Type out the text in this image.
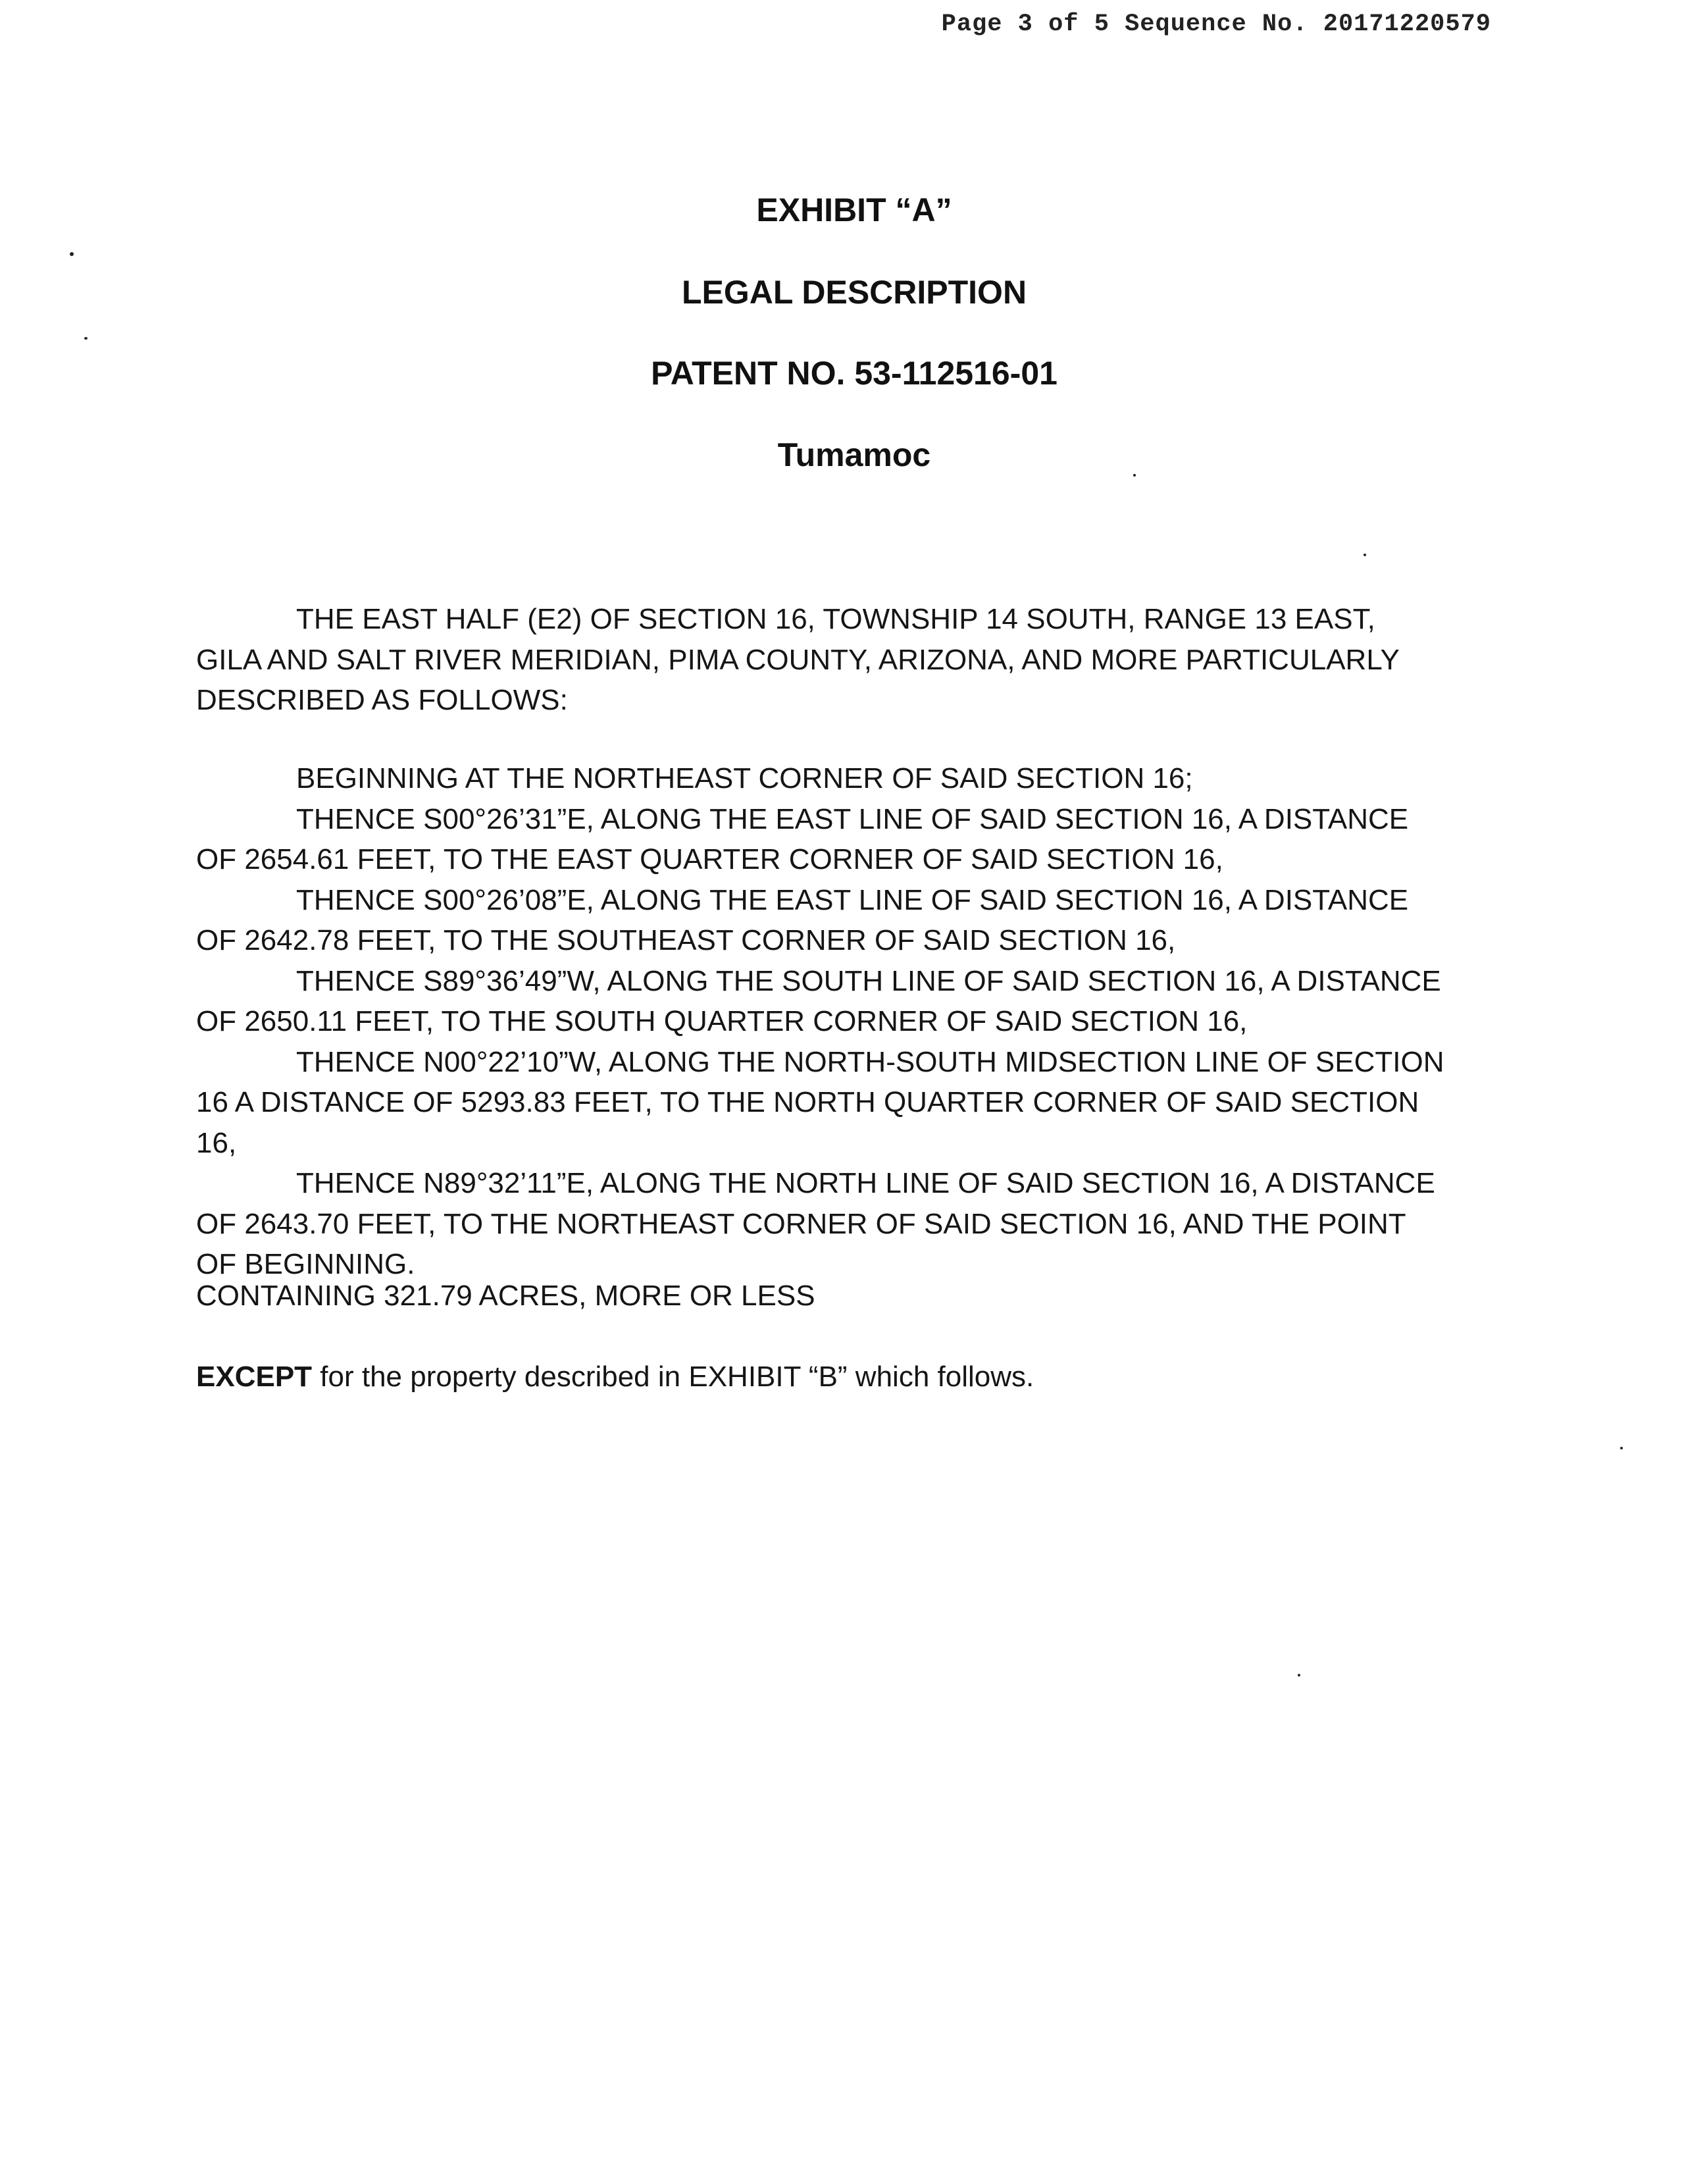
Page 3 of 5 Sequence No. 20171220579
EXHIBIT “A”
LEGAL DESCRIPTION
PATENT NO. 53-112516-01
Tumamoc

THE EAST HALF (E2) OF SECTION 16, TOWNSHIP 14 SOUTH, RANGE 13 EAST, GILA AND SALT RIVER MERIDIAN, PIMA COUNTY, ARIZONA, AND MORE PARTICULARLY DESCRIBED AS FOLLOWS:

BEGINNING AT THE NORTHEAST CORNER OF SAID SECTION 16;

THENCE S00°26’31”E, ALONG THE EAST LINE OF SAID SECTION 16, A DISTANCE OF 2654.61 FEET, TO THE EAST QUARTER CORNER OF SAID SECTION 16,

THENCE S00°26’08”E, ALONG THE EAST LINE OF SAID SECTION 16, A DISTANCE OF 2642.78 FEET, TO THE SOUTHEAST CORNER OF SAID SECTION 16,

THENCE S89°36’49”W, ALONG THE SOUTH LINE OF SAID SECTION 16, A DISTANCE OF 2650.11 FEET, TO THE SOUTH QUARTER CORNER OF SAID SECTION 16,

THENCE N00°22’10”W, ALONG THE NORTH-SOUTH MIDSECTION LINE OF SECTION 16 A DISTANCE OF 5293.83 FEET, TO THE NORTH QUARTER CORNER OF SAID SECTION 16,

THENCE N89°32’11”E, ALONG THE NORTH LINE OF SAID SECTION 16, A DISTANCE OF 2643.70 FEET, TO THE NORTHEAST CORNER OF SAID SECTION 16, AND THE POINT OF BEGINNING.

CONTAINING 321.79 ACRES, MORE OR LESS

EXCEPT for the property described in EXHIBIT “B” which follows.
